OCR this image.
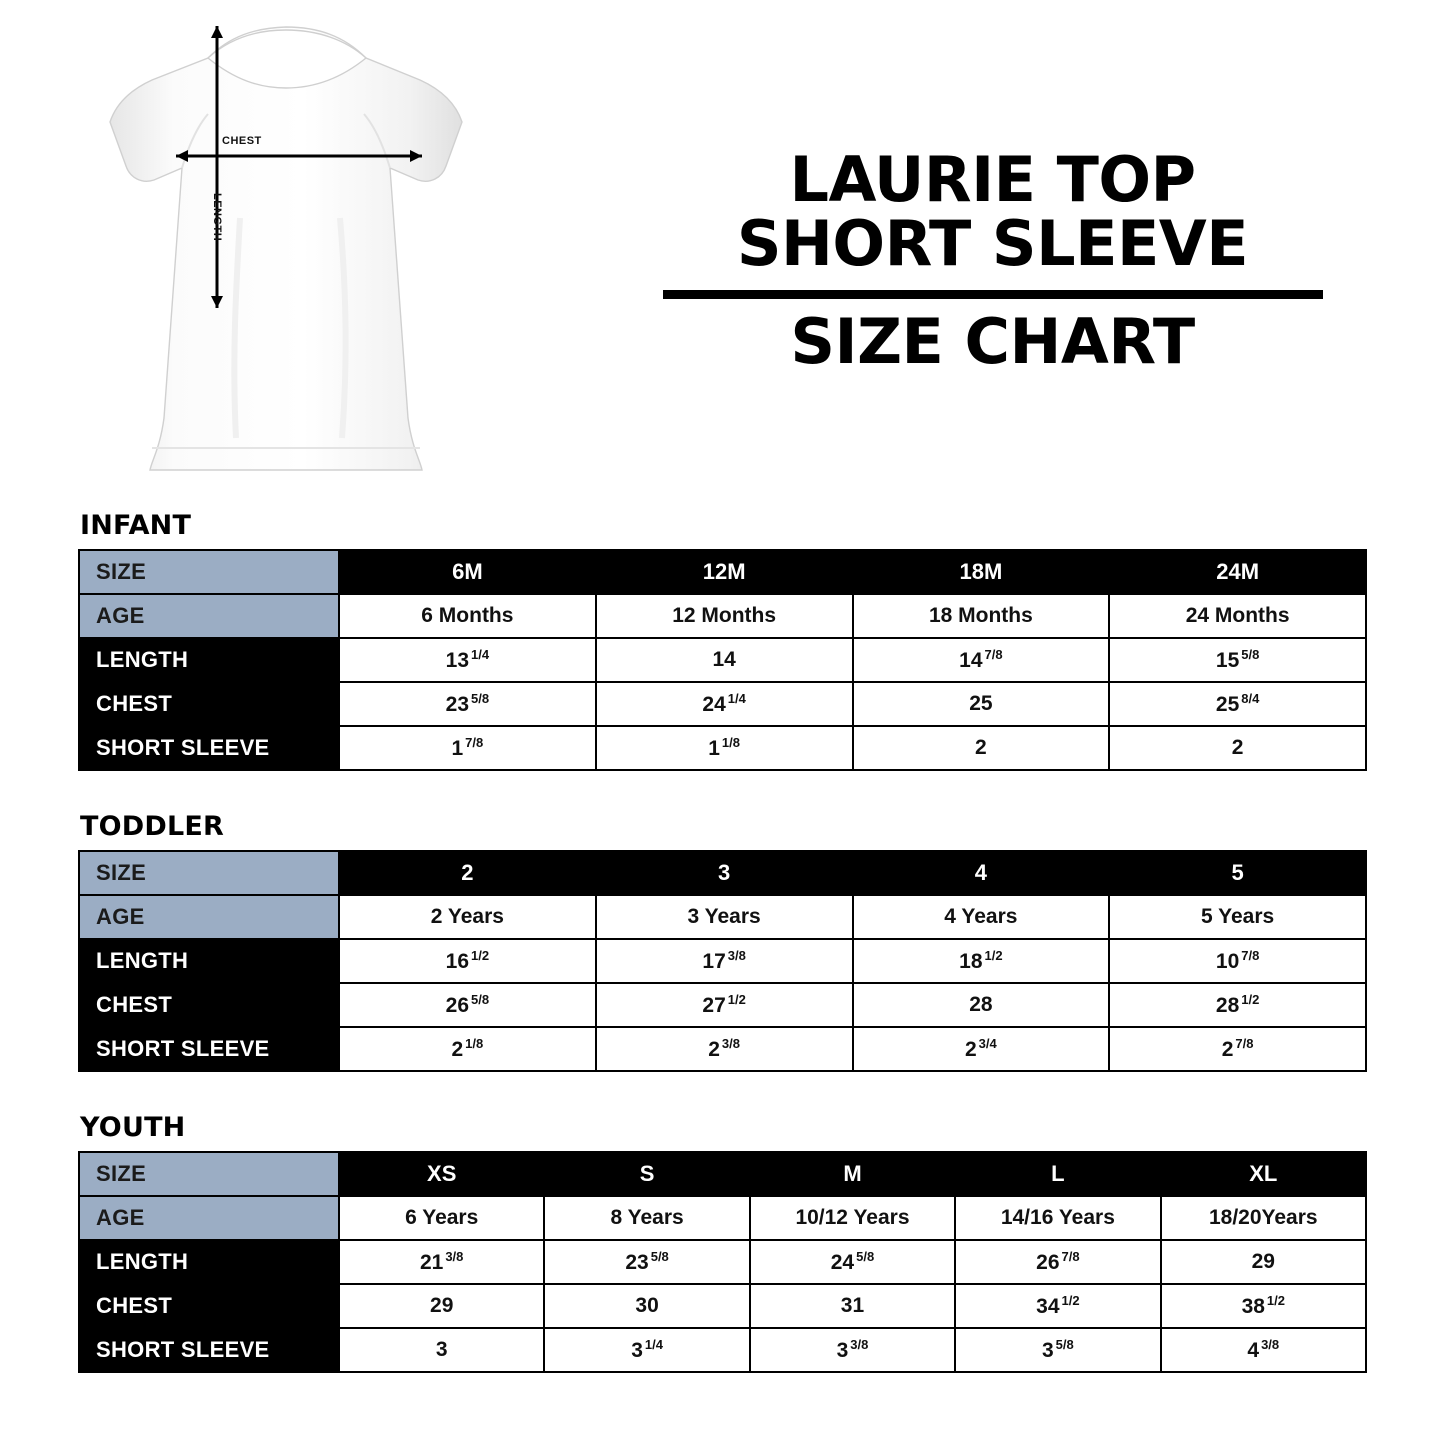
CHEST
LENGTH
LAURIE TOP
SHORT SLEEVE
SIZE CHART
INFANT
SIZE	6M	12M	18M	24M
AGE	6 Months	12 Months	18 Months	24 Months
LENGTH	13 $^{1/4}$	14	14 $^{7/8}$	15 $^{5/8}$
CHEST	23 $^{5/8}$	24 $^{1/4}$	25	25 $^{8/4}$
SHORT SLEEVE	1 $^{7/8}$	1 $^{1/8}$	2	2
TODDLER
SIZE	2	3	4	5
AGE	2 Years	3 Years	4 Years	5 Years
LENGTH	16 $^{1/2}$	17 $^{3/8}$	18 $^{1/2}$	10 $^{7/8}$
CHEST	26 $^{5/8}$	27 $^{1/2}$	28	28 $^{1/2}$
SHORT SLEEVE	2 $^{1/8}$	2 $^{3/8}$	2 $^{3/4}$	2 $^{7/8}$
YOUTH
SIZE	XS	S	M	L	XL
AGE	6 Years	8 Years	10/12 Years	14/16 Years	18/20Years
LENGTH	21 $^{3/8}$	23 $^{5/8}$	24 $^{5/8}$	26 $^{7/8}$	29
CHEST	29	30	31	34 $^{1/2}$	38 $^{1/2}$
SHORT SLEEVE	3	3 $^{1/4}$	3 $^{3/8}$	3 $^{5/8}$	4 $^{3/8}$
